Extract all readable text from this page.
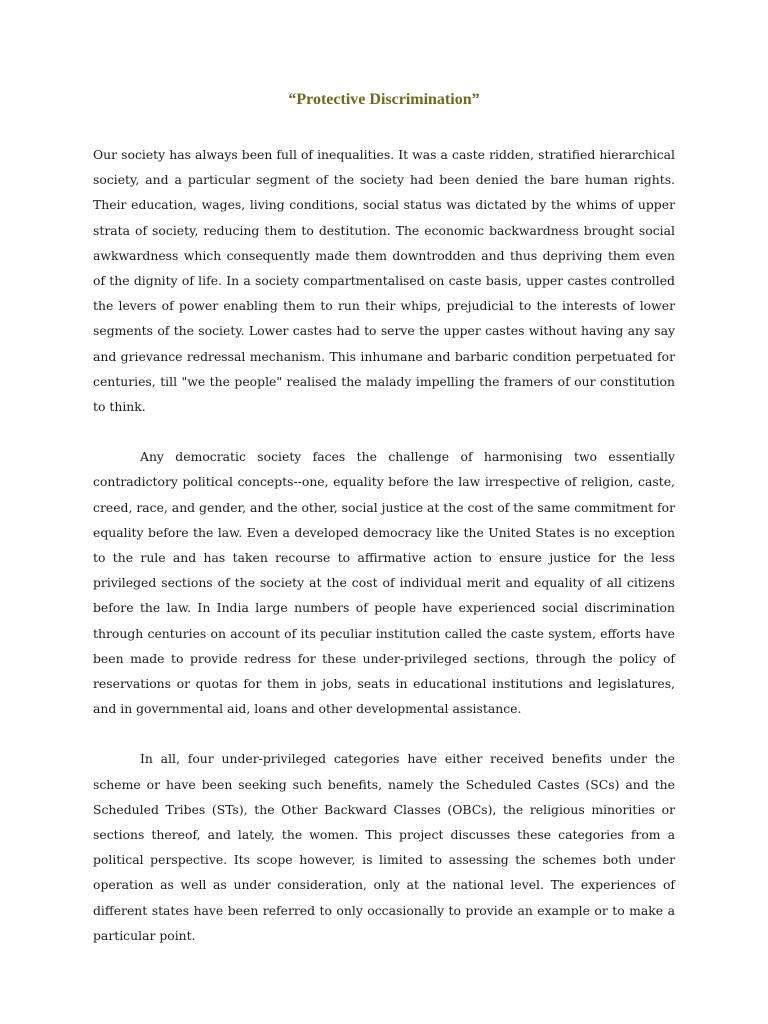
“Protective Discrimination”

Our society has always been full of inequalities. It was a caste ridden, stratified hierarchical society, and a particular segment of the society had been denied the bare human rights. Their education, wages, living conditions, social status was dictated by the whims of upper strata of society, reducing them to destitution. The economic backwardness brought social awkwardness which consequently made them downtrodden and thus depriving them even of the dignity of life. In a society compartmentalised on caste basis, upper castes controlled the levers of power enabling them to run their whips, prejudicial to the interests of lower segments of the society. Lower castes had to serve the upper castes without having any say and grievance redressal mechanism. This inhumane and barbaric condition perpetuated for centuries, till "we the people" realised the malady impelling the framers of our constitution to think.

Any democratic society faces the challenge of harmonising two essentially contradictory political concepts--one, equality before the law irrespective of religion, caste, creed, race, and gender, and the other, social justice at the cost of the same commitment for equality before the law. Even a developed democracy like the United States is no exception to the rule and has taken recourse to affirmative action to ensure justice for the less privileged sections of the society at the cost of individual merit and equality of all citizens before the law. In India large numbers of people have experienced social discrimination through centuries on account of its peculiar institution called the caste system, efforts have been made to provide redress for these under-privileged sections, through the policy of reservations or quotas for them in jobs, seats in educational institutions and legislatures, and in governmental aid, loans and other developmental assistance.

In all, four under-privileged categories have either received benefits under the scheme or have been seeking such benefits, namely the Scheduled Castes (SCs) and the Scheduled Tribes (STs), the Other Backward Classes (OBCs), the religious minorities or sections thereof, and lately, the women. This project discusses these categories from a political perspective. Its scope however, is limited to assessing the schemes both under operation as well as under consideration, only at the national level. The experiences of different states have been referred to only occasionally to provide an example or to make a particular point.
